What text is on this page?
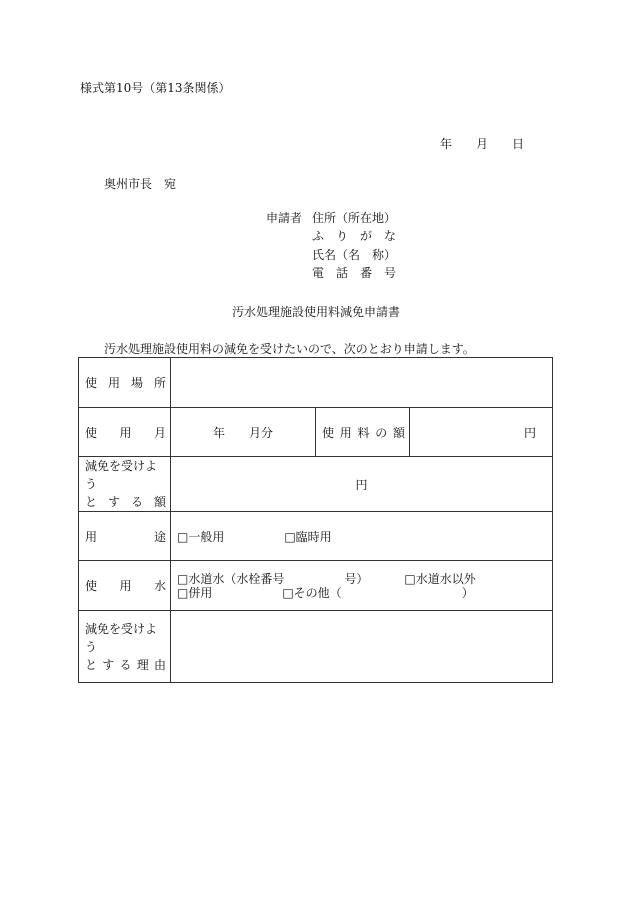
様式第10号（第13条関係）
年 月 日
奥州市長　宛
申請者 住所（所在地）
ふ　り　が　な
氏名（名　称）
電　話　番　号
汚水処理施設使用料減免申請書
汚水処理施設使用料の減免を受けたいので、次のとおり申請します。
使用場所			
使用月	年　　月分	使用料の額	円

減免を受けよう
とする額	円		
用途	□一般用 □臨時用		
使用水	□水道水（水栓番号 号） □水道水以外
□併用 □その他（ ）		

減免を受けよう
とする理由			
